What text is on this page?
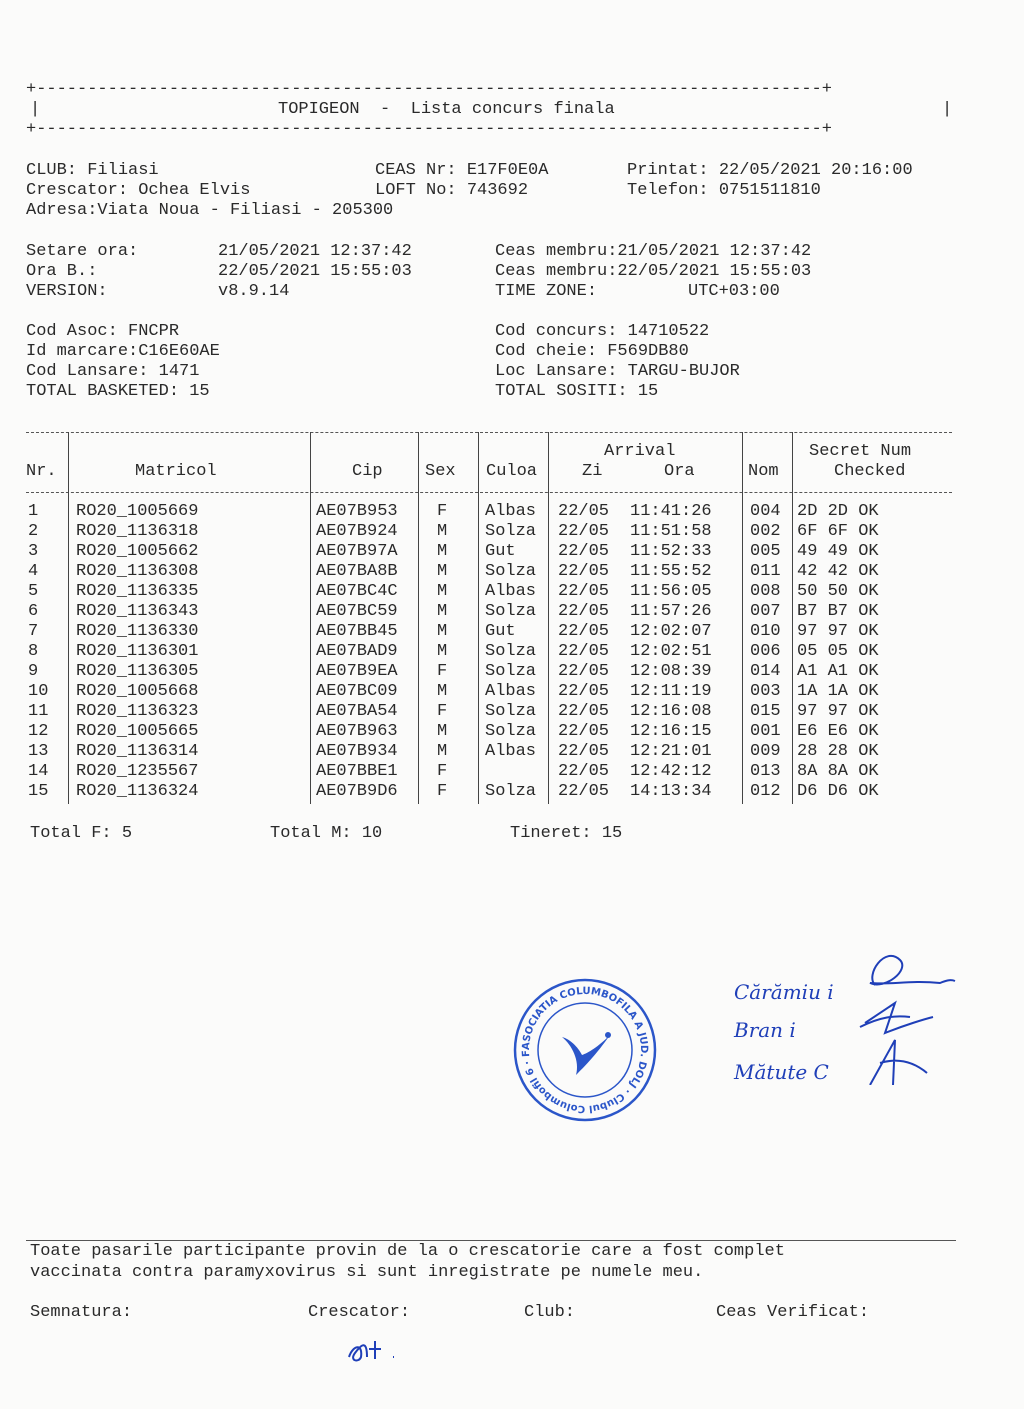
+-----------------------------------------------------------------------------+
|	TOPIGEON  -  Lista concurs finala	|
+-----------------------------------------------------------------------------+
CLUB: Filiasi	CEAS Nr: E17F0E0A	Printat: 22/05/2021 20:16:00
Crescator: Ochea Elvis	LOFT No: 743692	Telefon: 0751511810
Adresa:Viata Noua - Filiasi - 205300
Setare ora:	21/05/2021 12:37:42	Ceas membru:21/05/2021 12:37:42
Ora B.:	22/05/2021 15:55:03	Ceas membru:22/05/2021 15:55:03
VERSION:	v8.9.14	TIME ZONE:	UTC+03:00
Cod Asoc: FNCPR	Cod concurs: 14710522
Id marcare:C16E60AE	Cod cheie: F569DB80
Cod Lansare: 1471	Loc Lansare: TARGU-BUJOR
TOTAL BASKETED: 15	TOTAL SOSITI: 15
Arrival	Secret Num
Nr.	Matricol	Cip Sex Culoa	Zi	Ora	Nom	Checked
1 RO20_1005669	AE07B953 F Albas 22/05 11:41:26 004 2D 2D OK
2 RO20_1136318	AE07B924 M Solza 22/05 11:51:58 002 6F 6F OK
3 RO20_1005662	AE07B97A M Gut 22/05 11:52:33 005 49 49 OK
4 RO20_1136308	AE07BA8B M Solza 22/05 11:55:52 011 42 42 OK
5 RO20_1136335	AE07BC4C M Albas 22/05 11:56:05 008 50 50 OK
6 RO20_1136343	AE07BC59 M Solza 22/05 11:57:26 007 B7 B7 OK
7 RO20_1136330	AE07BB45 M Gut 22/05 12:02:07 010 97 97 OK
8 RO20_1136301	AE07BAD9 M Solza 22/05 12:02:51 006 05 05 OK
9 RO20_1136305	AE07B9EA F Solza 22/05 12:08:39 014 A1 A1 OK
10 RO20_1005668	AE07BC09 M Albas 22/05 12:11:19 003 1A 1A OK
11 RO20_1136323	AE07BA54 F Solza 22/05 12:16:08 015 97 97 OK
12 RO20_1005665	AE07B963 M Solza 22/05 12:16:15 001 E6 E6 OK
13 RO20_1136314	AE07B934 M Albas 22/05 12:21:01 009 28 28 OK
14 RO20_1235567	AE07BBE1 F	22/05 12:42:12 013 8A 8A OK
15 RO20_1136324	AE07B9D6 F Solza 22/05 14:13:34 012 D6 D6 OK
Total F: 5	Total M: 10	Tineret: 15
ASOCIATIA COLUMBOFILA A JUD. DOLJ · Clubul Columbofil 6 · F
Cărămiu i
Bran i
Mătute C
Toate pasarile participante provin de la o crescatorie care a fost complet
vaccinata contra paramyxovirus si sunt inregistrate pe numele meu.
Semnatura:	Crescator:	Club:	Ceas Verificat:
